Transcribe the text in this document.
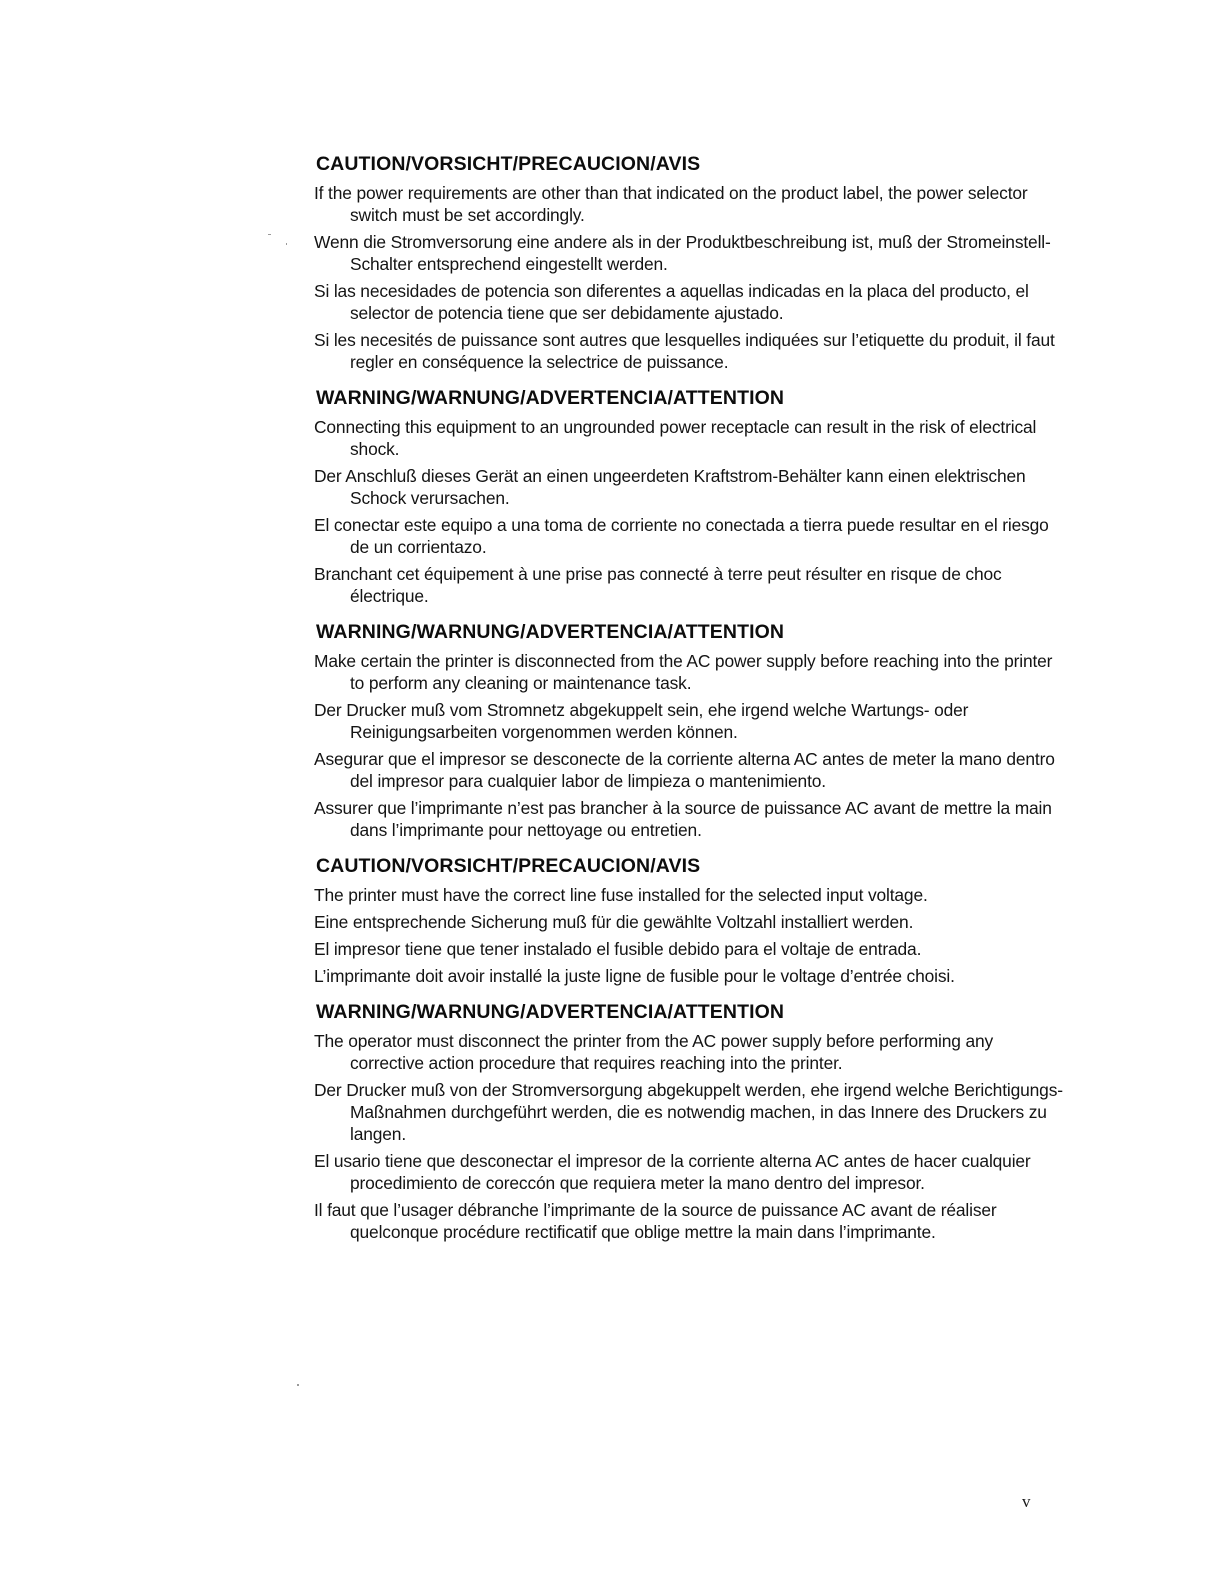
CAUTION/VORSICHT/PRECAUCION/AVIS

If the power requirements are other than that indicated on the product label, the power selector switch must be set accordingly.

Wenn die Stromversorung eine andere als in der Produktbeschreibung ist, muß der Stromeinstell-Schalter entsprechend eingestellt werden.

Si las necesidades de potencia son diferentes a aquellas indicadas en la placa del producto, el selector de potencia tiene que ser debidamente ajustado.

Si les necesités de puissance sont autres que lesquelles indiquées sur l’etiquette du produit, il faut regler en conséquence la selectrice de puissance.

WARNING/WARNUNG/ADVERTENCIA/ATTENTION

Connecting this equipment to an ungrounded power receptacle can result in the risk of electrical shock.

Der Anschluß dieses Gerät an einen ungeerdeten Kraftstrom-Behälter kann einen elektrischen Schock verursachen.

El conectar este equipo a una toma de corriente no conectada a tierra puede resultar en el riesgo de un corrientazo.

Branchant cet équipement à une prise pas connecté à terre peut résulter en risque de choc électrique.

WARNING/WARNUNG/ADVERTENCIA/ATTENTION

Make certain the printer is disconnected from the AC power supply before reaching into the printer to perform any cleaning or maintenance task.

Der Drucker muß vom Stromnetz abgekuppelt sein, ehe irgend welche Wartungs- oder Reinigungsarbeiten vorgenommen werden können.

Asegurar que el impresor se desconecte de la corriente alterna AC antes de meter la mano dentro del impresor para cualquier labor de limpieza o mantenimiento.

Assurer que l’imprimante n’est pas brancher à la source de puissance AC avant de mettre la main dans l’imprimante pour nettoyage ou entretien.

CAUTION/VORSICHT/PRECAUCION/AVIS

The printer must have the correct line fuse installed for the selected input voltage.

Eine entsprechende Sicherung muß für die gewählte Voltzahl installiert werden.

El impresor tiene que tener instalado el fusible debido para el voltaje de entrada.

L’imprimante doit avoir installé la juste ligne de fusible pour le voltage d’entrée choisi.

WARNING/WARNUNG/ADVERTENCIA/ATTENTION

The operator must disconnect the printer from the AC power supply before performing any corrective action procedure that requires reaching into the printer.

Der Drucker muß von der Stromversorgung abgekuppelt werden, ehe irgend welche Berichtigungs-Maßnahmen durchgeführt werden, die es notwendig machen, in das Innere des Druckers zu langen.

El usario tiene que desconectar el impresor de la corriente alterna AC antes de hacer cualquier procedimiento de coreccón que requiera meter la mano dentro del impresor.

Il faut que l’usager débranche l’imprimante de la source de puissance AC avant de réaliser quelconque procédure rectificatif que oblige mettre la main dans l’imprimante.

v
